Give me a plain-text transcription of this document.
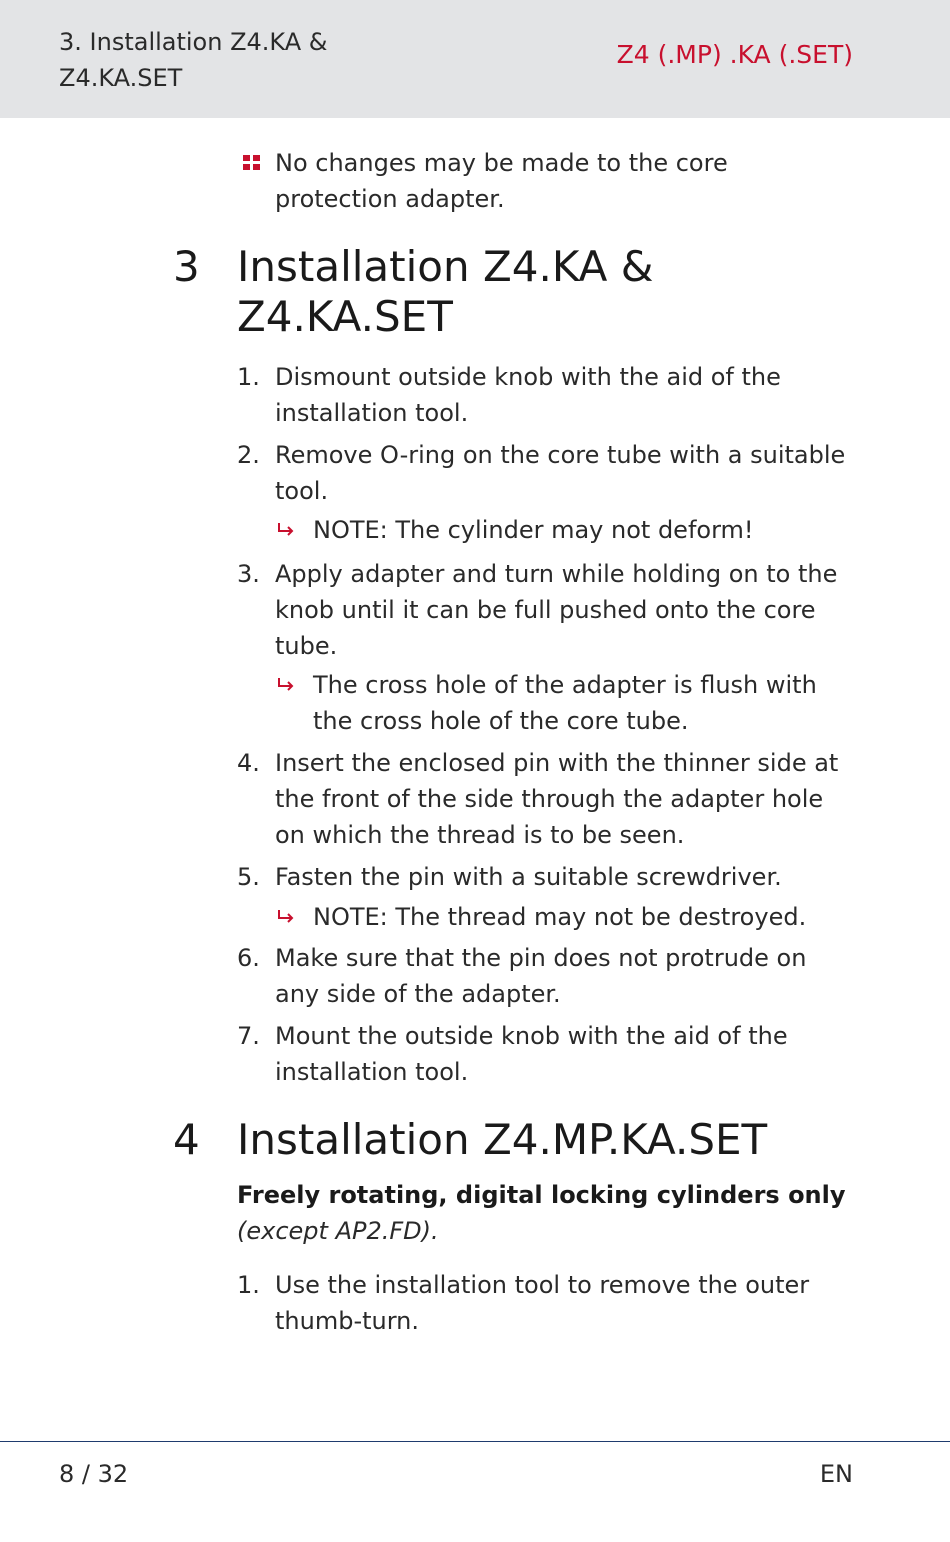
3. Installation Z4.KA &
Z4.KA.SET
Z4 (.MP) .KA (.SET)
No changes may be made to the core protection adapter.
3 Installation Z4.KA & Z4.KA.SET
1. Dismount outside knob with the aid of the installation tool.
2. Remove O-ring on the core tube with a suitable tool.
NOTE: The cylinder may not deform!
3. Apply adapter and turn while holding on to the knob until it can be full pushed onto the core tube.
The cross hole of the adapter is flush with the cross hole of the core tube.
4. Insert the enclosed pin with the thinner side at the front of the side through the adapter hole on which the thread is to be seen.
5. Fasten the pin with a suitable screwdriver.
NOTE: The thread may not be destroyed.
6. Make sure that the pin does not protrude on any side of the adapter.
7. Mount the outside knob with the aid of the installation tool.
4 Installation Z4.MP.KA.SET
Freely rotating, digital locking cylinders only
(except AP2.FD).
1. Use the installation tool to remove the outer thumb-turn.
8 / 32	EN
